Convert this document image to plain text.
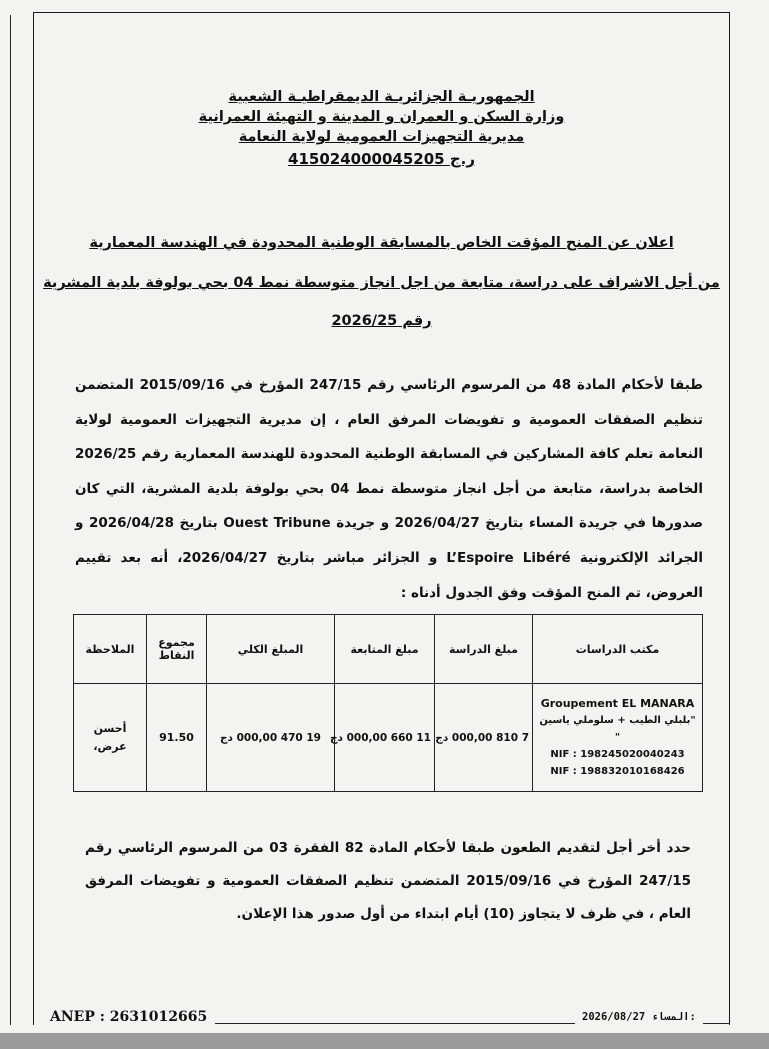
الجمهوريـة الجزائريـة الديمقراطيـة الشعبية
وزارة السكن و العمران و المدينة و التهيئة العمرانية
مديرية التجهيزات العمومية لولاية النعامة
ر.ج 415024000045205
اعلان عن المنح المؤقت الخاص بالمسابقة الوطنية المحدودة في الهندسة المعمارية
من أجل الاشراف على دراسة، متابعة من اجل انجاز متوسطة نمط 04 بحي بولوفة بلدية المشرية
رقم 2026/25
طبقا لأحكام المادة 48 من المرسوم الرئاسي رقم 247/15 المؤرخ في 2015/09/16 المتضمن تنظيم الصفقات العمومية و تفويضات المرفق العام ، إن مديرية التجهيزات العمومية لولاية النعامة تعلم كافة المشاركين في المسابقة الوطنية المحدودة للهندسة المعمارية رقم 2026/25 الخاصة بدراسة، متابعة من أجل انجاز متوسطة نمط 04 بحي بولوفة بلدية المشرية، التي كان صدورها في جريدة المساء بتاريخ 2026/04/27 و جريدة Ouest Tribune بتاريخ 2026/04/28 و الجرائد الإلكترونية L’Espoire Libéré و الجزائر مباشر بتاريخ 2026/04/27، أنه بعد تقييم العروض، تم المنح المؤقت وفق الجدول أدناه :
مكتب الدراسات	مبلغ الدراسة	مبلغ المتابعة	المبلغ الكلي	مجموع النقاط	الملاحظة

Groupement EL MANARA
"بلبلي الطيب + سلوملي ياسين "
NIF : 198245020040243
NIF : 198832010168426	7 810 000,00 دج	11 660 000,00 دج	19 470 000,00 دج	91.50	أحسن عرض،
حدد أخر أجل لتقديم الطعون طبقا لأحكام المادة 82 الفقرة 03 من المرسوم الرئاسي رقم 247/15 المؤرخ في 2015/09/16 المتضمن تنظيم الصفقات العمومية و تفويضات المرفق العام ، في ظرف لا يتجاوز (10) أيام ابتداء من أول صدور هذا الإعلان.
ANEP : 2631012665	2026/08/27 المساء:
